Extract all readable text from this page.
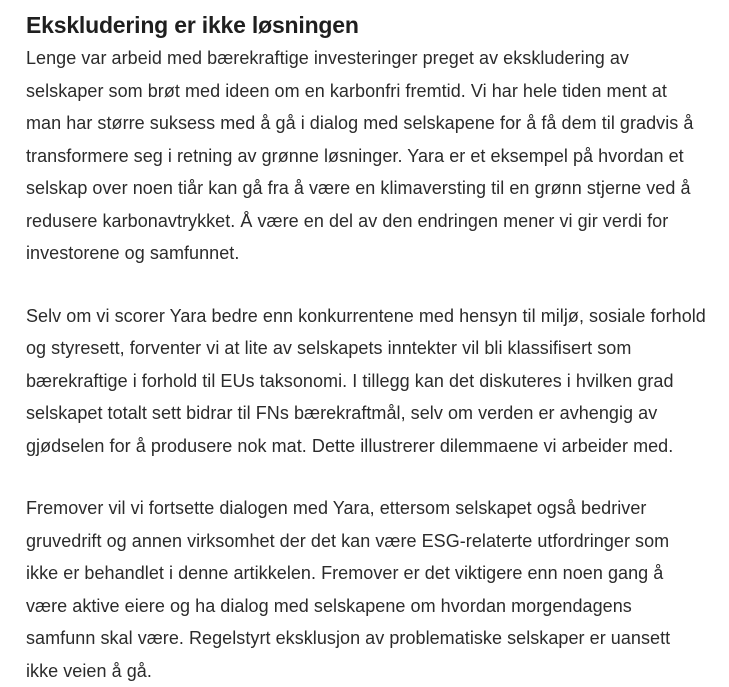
Ekskludering er ikke løsningen

Lenge var arbeid med bærekraftige investeringer preget av ekskludering av selskaper som brøt med ideen om en karbonfri fremtid. Vi har hele tiden ment at man har større suksess med å gå i dialog med selskapene for å få dem til gradvis å transformere seg i retning av grønne løsninger. Yara er et eksempel på hvordan et selskap over noen tiår kan gå fra å være en klimaversting til en grønn stjerne ved å redusere karbonavtrykket. Å være en del av den endringen mener vi gir verdi for investorene og samfunnet.

Selv om vi scorer Yara bedre enn konkurrentene med hensyn til miljø, sosiale forhold og styresett, forventer vi at lite av selskapets inntekter vil bli klassifisert som bærekraftige i forhold til EUs taksonomi. I tillegg kan det diskuteres i hvilken grad selskapet totalt sett bidrar til FNs bærekraftmål, selv om verden er avhengig av gjødselen for å produsere nok mat. Dette illustrerer dilemmaene vi arbeider med.

Fremover vil vi fortsette dialogen med Yara, ettersom selskapet også bedriver gruvedrift og annen virksomhet der det kan være ESG-relaterte utfordringer som ikke er behandlet i denne artikkelen. Fremover er det viktigere enn noen gang å være aktive eiere og ha dialog med selskapene om hvordan morgendagens samfunn skal være. Regelstyrt eksklusjon av problematiske selskaper er uansett ikke veien å gå.
